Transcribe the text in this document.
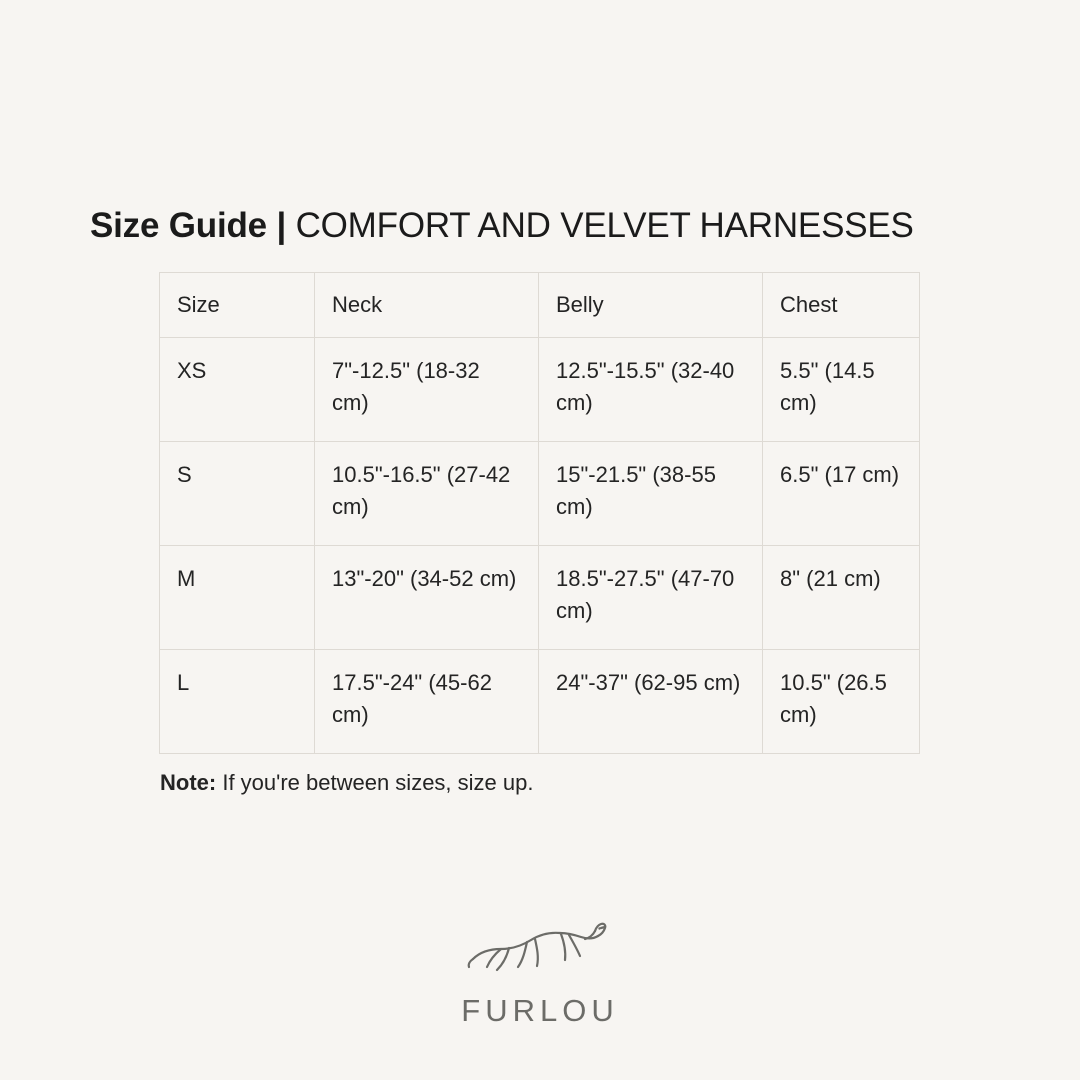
Size Guide | COMFORT AND VELVET HARNESSES
Size	Neck	Belly	Chest
XS	7"-12.5" (18-32 cm)	12.5"-15.5" (32-40 cm)	5.5" (14.5 cm)
S	10.5"-16.5" (27-42 cm)	15"-21.5" (38-55 cm)	6.5" (17 cm)
M	13"-20" (34-52 cm)	18.5"-27.5" (47-70 cm)	8" (21 cm)
L	17.5"-24" (45-62 cm)	24"-37" (62-95 cm)	10.5" (26.5 cm)
Note: If you're between sizes, size up.
FURLOU
